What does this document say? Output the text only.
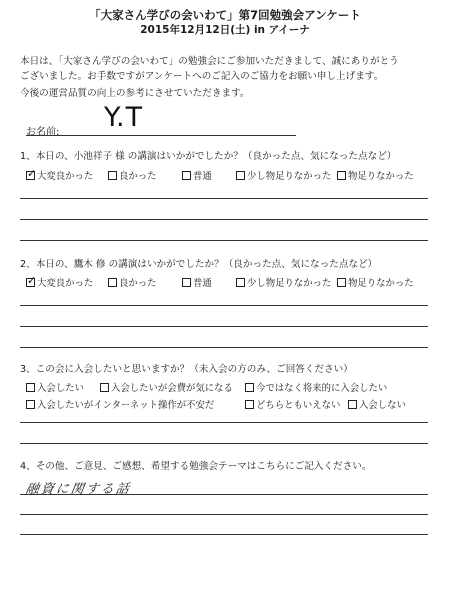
「大家さん学びの会いわて」第7回勉強会アンケート
2015年12月12日(土) in アイーナ
本日は、「大家さん学びの会いわて」の勉強会にご参加いただきまして、誠にありがとう
ございました。お手数ですがアンケートへのご記入のご協力をお願い申し上げます。
今後の運営品質の向上の参考にさせていただきます。
お名前: Y.T
1、本日の、小池祥子 様 の講演はいかがでしたか？（良かった点、気になった点など）
✓ 大変良かった	良かった	普通	少し物足りなかった 物足りなかった
2、本日の、鷹木 修 の講演はいかがでしたか？（良かった点、気になった点など）
✓ 大変良かった	良かった	普通	少し物足りなかった 物足りなかった
3、この会に入会したいと思いますか？（未入会の方のみ、ご回答ください）
入会したい	入会したいが会費が気になる 今ではなく将来的に入会したい
入会したいがインターネット操作が不安だ	どちらともいえない 入会しない
4、その他、ご意見、ご感想、希望する勉強会テーマはこちらにご記入ください。
融資に関する話
